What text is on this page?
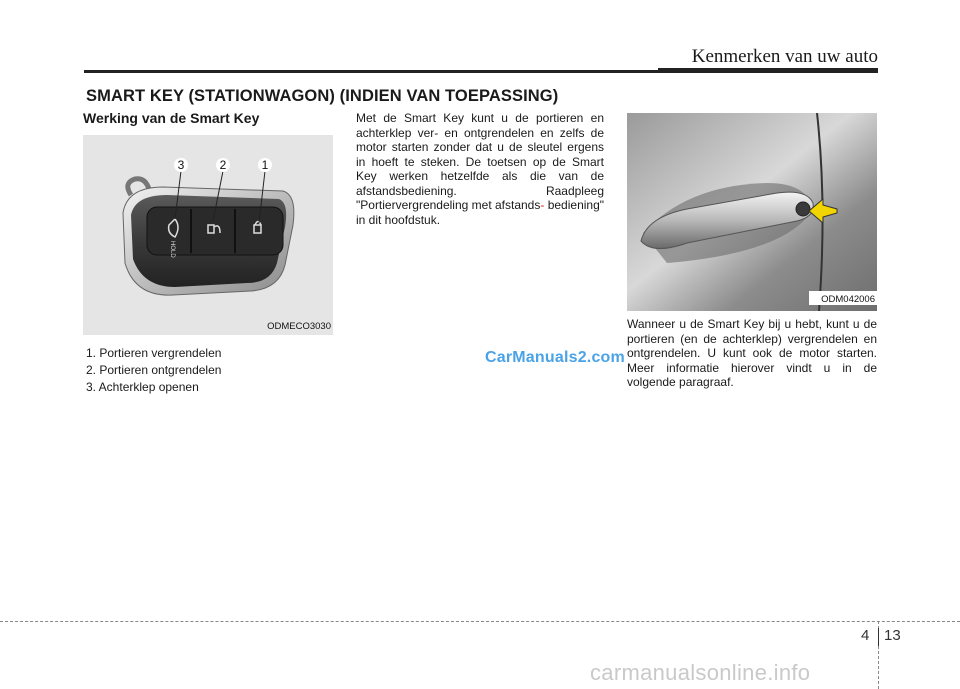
Kenmerken van uw auto
SMART KEY (STATIONWAGON) (INDIEN VAN TOEPASSING)
Werking van de Smart Key
HOLD
3	2	1
ODMECO3030
1. Portieren vergrendelen
2. Portieren ontgrendelen
3. Achterklep openen
Met de Smart Key kunt u de portieren en achterklep ver- en ontgrendelen en zelfs de motor starten zonder dat u de sleutel ergens in hoeft te steken. De toetsen op de Smart Key werken hetzelfde als die van de afstandsbediening. Raadpleeg "Portiervergrendeling met afstands- bediening" in dit hoofdstuk.
ODM042006
Wanneer u de Smart Key bij u hebt, kunt u de portieren (en de achterklep) vergrendelen en ontgrendelen. U kunt ook de motor starten. Meer informatie hierover vindt u in de volgende paragraaf.
CarManuals2.com
4 13
carmanualsonline.info
